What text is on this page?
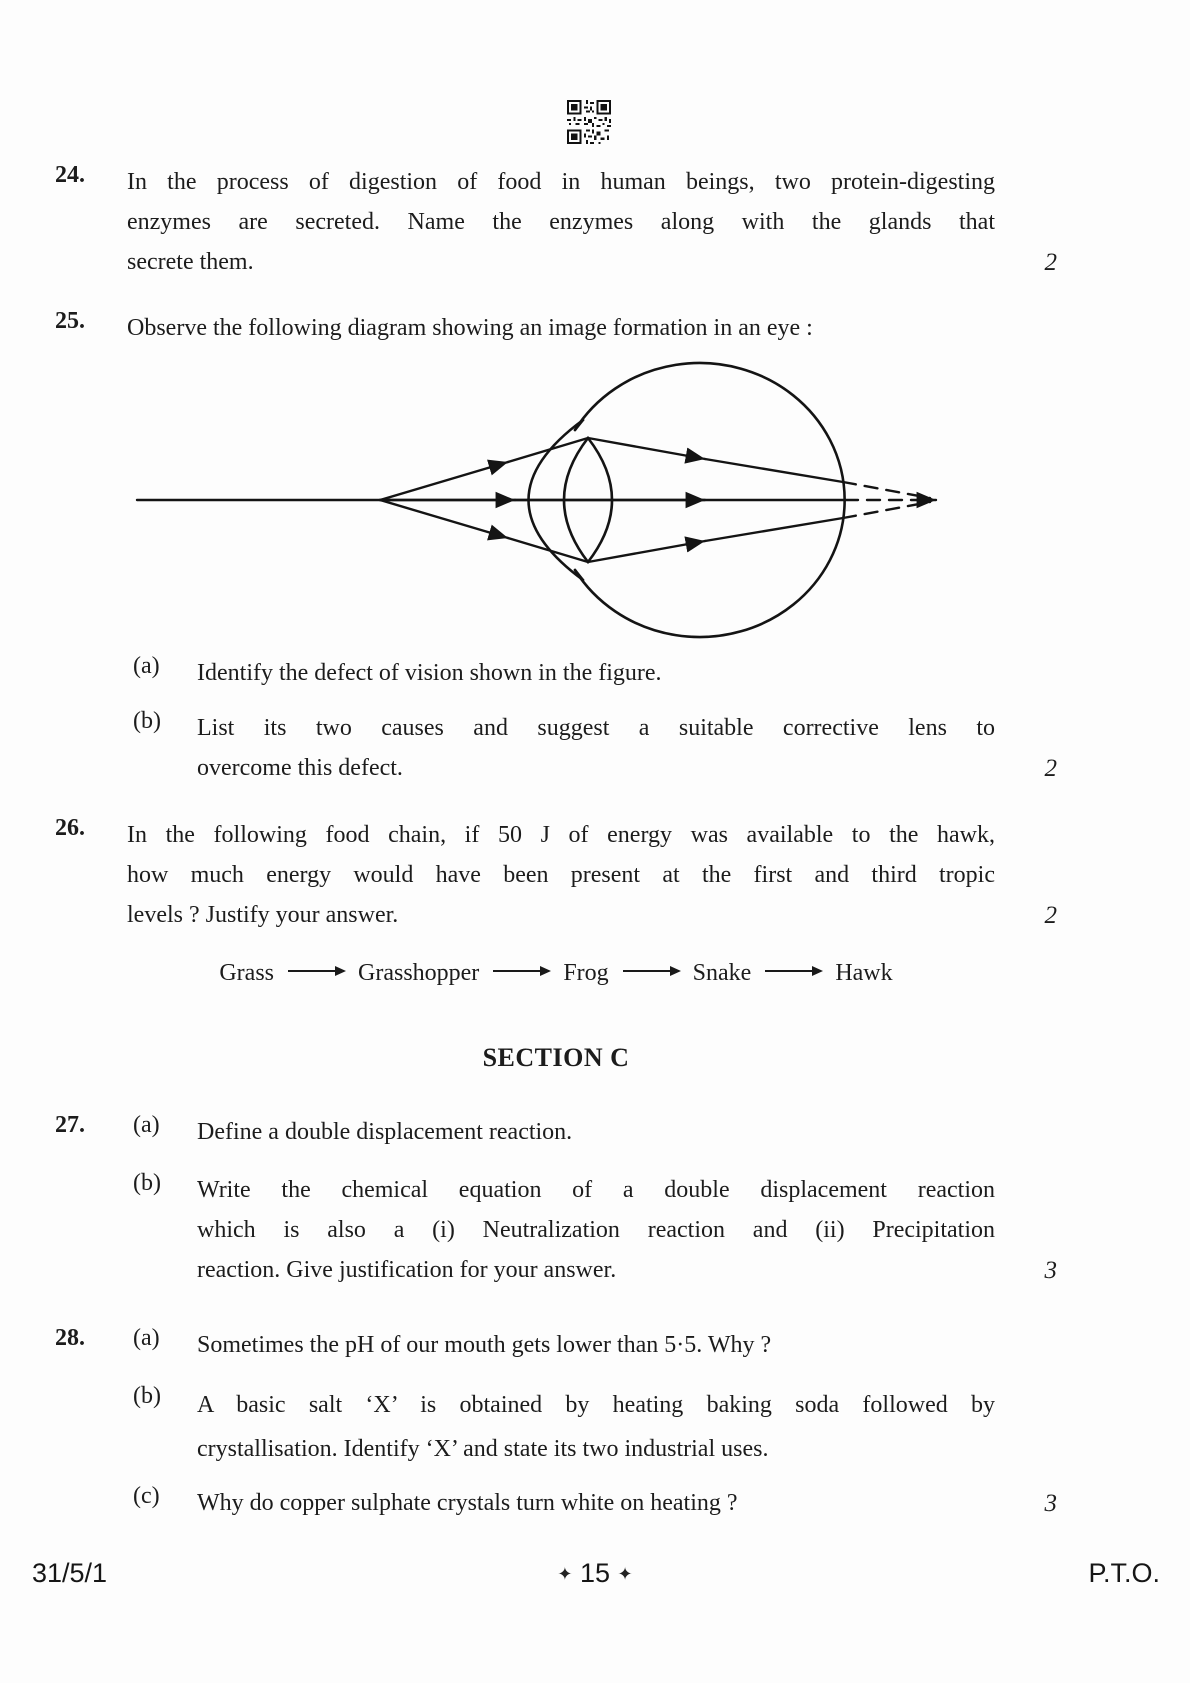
24. In the process of digestion of food in human beings, two protein-digesting
enzymes are secreted. Name the enzymes along with the glands that
secrete them.	2
25. Observe the following diagram showing an image formation in an eye :
(a) Identify the defect of vision shown in the figure.
(b) List its two causes and suggest a suitable corrective lens to
overcome this defect.	2
26. In the following food chain, if 50 J of energy was available to the hawk,
how much energy would have been present at the first and third tropic
levels ? Justify your answer.	2
Grass	Grasshopper	Frog	Snake	Hawk
SECTION C
27. (a) Define a double displacement reaction.
(b) Write the chemical equation of a double displacement reaction
which is also a (i) Neutralization reaction and (ii) Precipitation
reaction. Give justification for your answer.	3
28. (a) Sometimes the pH of our mouth gets lower than 5·5. Why ?
(b) A basic salt ‘X’ is obtained by heating baking soda followed by
crystallisation. Identify ‘X’ and state its two industrial uses.
(c) Why do copper sulphate crystals turn white on heating ?	3
31/5/1	✦ 15 ✦	P.T.O.
